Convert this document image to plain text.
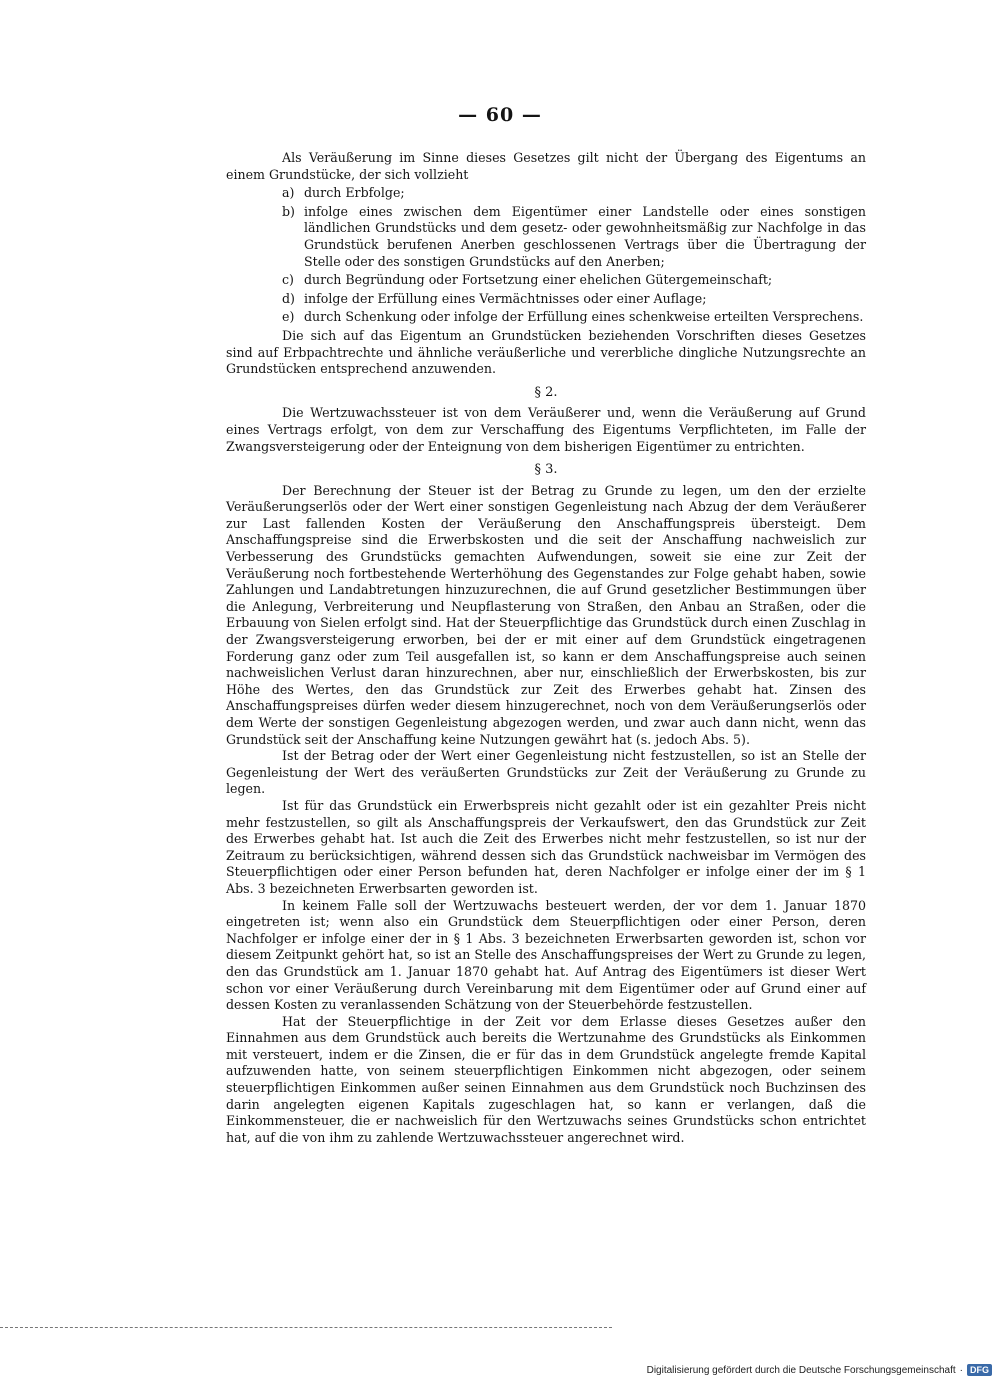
— 60 —

Als Veräußerung im Sinne dieses Gesetzes gilt nicht der Übergang des Eigentums an einem Grundstücke, der sich vollzieht

a) durch Erbfolge;
b) infolge eines zwischen dem Eigentümer einer Landstelle oder eines sonstigen ländlichen Grundstücks und dem gesetz- oder gewohnheitsmäßig zur Nachfolge in das Grundstück berufenen Anerben geschlossenen Vertrags über die Übertragung der Stelle oder des sonstigen Grundstücks auf den Anerben;
c) durch Begründung oder Fortsetzung einer ehelichen Gütergemeinschaft;
d) infolge der Erfüllung eines Vermächtnisses oder einer Auflage;
e) durch Schenkung oder infolge der Erfüllung eines schenkweise erteilten Versprechens.

Die sich auf das Eigentum an Grundstücken beziehenden Vorschriften dieses Gesetzes sind auf Erbpachtrechte und ähnliche veräußerliche und vererbliche dingliche Nutzungsrechte an Grundstücken entsprechend anzuwenden.

§ 2.

Die Wertzuwachssteuer ist von dem Veräußerer und, wenn die Veräußerung auf Grund eines Vertrags erfolgt, von dem zur Verschaffung des Eigentums Verpflichteten, im Falle der Zwangsversteigerung oder der Enteignung von dem bisherigen Eigentümer zu entrichten.

§ 3.

Der Berechnung der Steuer ist der Betrag zu Grunde zu legen, um den der erzielte Veräußerungserlös oder der Wert einer sonstigen Gegenleistung nach Abzug der dem Veräußerer zur Last fallenden Kosten der Veräußerung den Anschaffungspreis übersteigt. Dem Anschaffungspreise sind die Erwerbskosten und die seit der Anschaffung nachweislich zur Verbesserung des Grundstücks gemachten Aufwendungen, soweit sie eine zur Zeit der Veräußerung noch fortbestehende Werterhöhung des Gegenstandes zur Folge gehabt haben, sowie Zahlungen und Landabtretungen hinzuzurechnen, die auf Grund gesetzlicher Bestimmungen über die Anlegung, Verbreiterung und Neupflasterung von Straßen, den Anbau an Straßen, oder die Erbauung von Sielen erfolgt sind. Hat der Steuerpflichtige das Grundstück durch einen Zuschlag in der Zwangsversteigerung erworben, bei der er mit einer auf dem Grundstück eingetragenen Forderung ganz oder zum Teil ausgefallen ist, so kann er dem Anschaffungspreise auch seinen nachweislichen Verlust daran hinzurechnen, aber nur, einschließlich der Erwerbskosten, bis zur Höhe des Wertes, den das Grundstück zur Zeit des Erwerbes gehabt hat. Zinsen des Anschaffungspreises dürfen weder diesem hinzugerechnet, noch von dem Veräußerungserlös oder dem Werte der sonstigen Gegenleistung abgezogen werden, und zwar auch dann nicht, wenn das Grundstück seit der Anschaffung keine Nutzungen gewährt hat (s. jedoch Abs. 5).

Ist der Betrag oder der Wert einer Gegenleistung nicht festzustellen, so ist an Stelle der Gegenleistung der Wert des veräußerten Grundstücks zur Zeit der Veräußerung zu Grunde zu legen.

Ist für das Grundstück ein Erwerbspreis nicht gezahlt oder ist ein gezahlter Preis nicht mehr festzustellen, so gilt als Anschaffungspreis der Verkaufswert, den das Grundstück zur Zeit des Erwerbes gehabt hat. Ist auch die Zeit des Erwerbes nicht mehr festzustellen, so ist nur der Zeitraum zu berücksichtigen, während dessen sich das Grundstück nachweisbar im Vermögen des Steuerpflichtigen oder einer Person befunden hat, deren Nachfolger er infolge einer der im § 1 Abs. 3 bezeichneten Erwerbsarten geworden ist.

In keinem Falle soll der Wertzuwachs besteuert werden, der vor dem 1. Januar 1870 eingetreten ist; wenn also ein Grundstück dem Steuerpflichtigen oder einer Person, deren Nachfolger er infolge einer der in § 1 Abs. 3 bezeichneten Erwerbsarten geworden ist, schon vor diesem Zeitpunkt gehört hat, so ist an Stelle des Anschaffungspreises der Wert zu Grunde zu legen, den das Grundstück am 1. Januar 1870 gehabt hat. Auf Antrag des Eigentümers ist dieser Wert schon vor einer Veräußerung durch Vereinbarung mit dem Eigentümer oder auf Grund einer auf dessen Kosten zu veranlassenden Schätzung von der Steuerbehörde festzustellen.

Hat der Steuerpflichtige in der Zeit vor dem Erlasse dieses Gesetzes außer den Einnahmen aus dem Grundstück auch bereits die Wertzunahme des Grundstücks als Einkommen mit versteuert, indem er die Zinsen, die er für das in dem Grundstück angelegte fremde Kapital aufzuwenden hatte, von seinem steuerpflichtigen Einkommen nicht abgezogen, oder seinem steuerpflichtigen Einkommen außer seinen Einnahmen aus dem Grundstück noch Buchzinsen des darin angelegten eigenen Kapitals zugeschlagen hat, so kann er verlangen, daß die Einkommensteuer, die er nachweislich für den Wertzuwachs seines Grundstücks schon entrichtet hat, auf die von ihm zu zahlende Wertzuwachssteuer angerechnet wird.

Digitalisierung gefördert durch die Deutsche Forschungsgemeinschaft · DFG
